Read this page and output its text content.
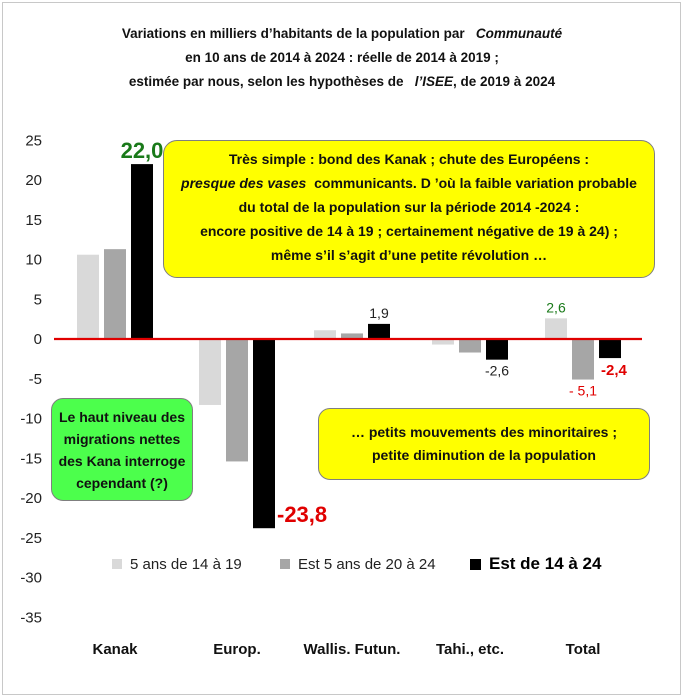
Variations en milliers d’habitants de la population par Communauté
en 10 ans de 2014 à 2024 : réelle de 2014 à 2019 ;
estimée par nous, selon les hypothèses de l’ISEE, de 2019 à 2024
25
20
15
10
5
0
-5
-10
-15
-20
-25
-30
-35
22,0
-23,8
1,9
-2,6
2,6
- 5,1
-2,4
Kanak	Europ.	Wallis. Futun. Tahi., etc.	Total
Très simple : bond des Kanak ; chute des Européens :
presque des vases communicants. D ’où la faible variation probable
du total de la population sur la période 2014 -2024 :
encore positive de 14 à 19 ; certainement négative de 19 à 24) ;
même s’il s’agit d’une petite révolution …
… petits mouvements des minoritaires ;
petite diminution de la population
Le haut niveau des
migrations nettes
des Kana interroge
cependant (?)
5 ans de 14 à 19	Est 5 ans de 20 à 24	Est de 14 à 24
